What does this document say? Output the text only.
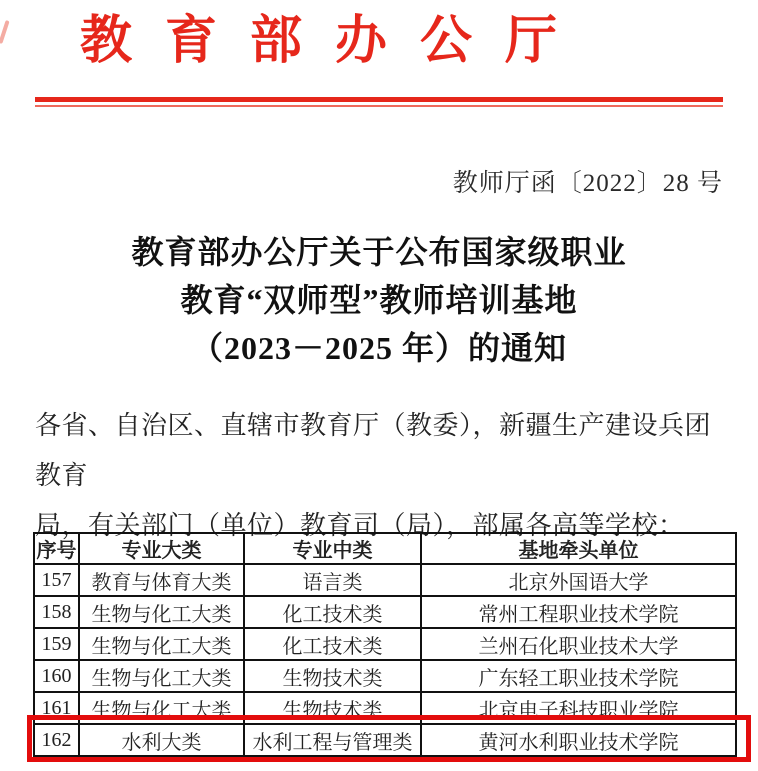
教育部办公厅
教师厅函〔2022〕28 号
教育部办公厅关于公布国家级职业
教育“双师型”教师培训基地
（2023－2025 年）的通知
各省、自治区、直辖市教育厅（教委），新疆生产建设兵团教育
局，有关部门（单位）教育司（局），部属各高等学校：
序号	专业大类	专业中类	基地牵头单位
157	教育与体育大类	语言类	北京外国语大学
158	生物与化工大类	化工技术类	常州工程职业技术学院
159	生物与化工大类	化工技术类	兰州石化职业技术大学
160	生物与化工大类	生物技术类	广东轻工职业技术学院
161	生物与化工大类	生物技术类	北京电子科技职业学院
162	水利大类	水利工程与管理类	黄河水利职业技术学院
